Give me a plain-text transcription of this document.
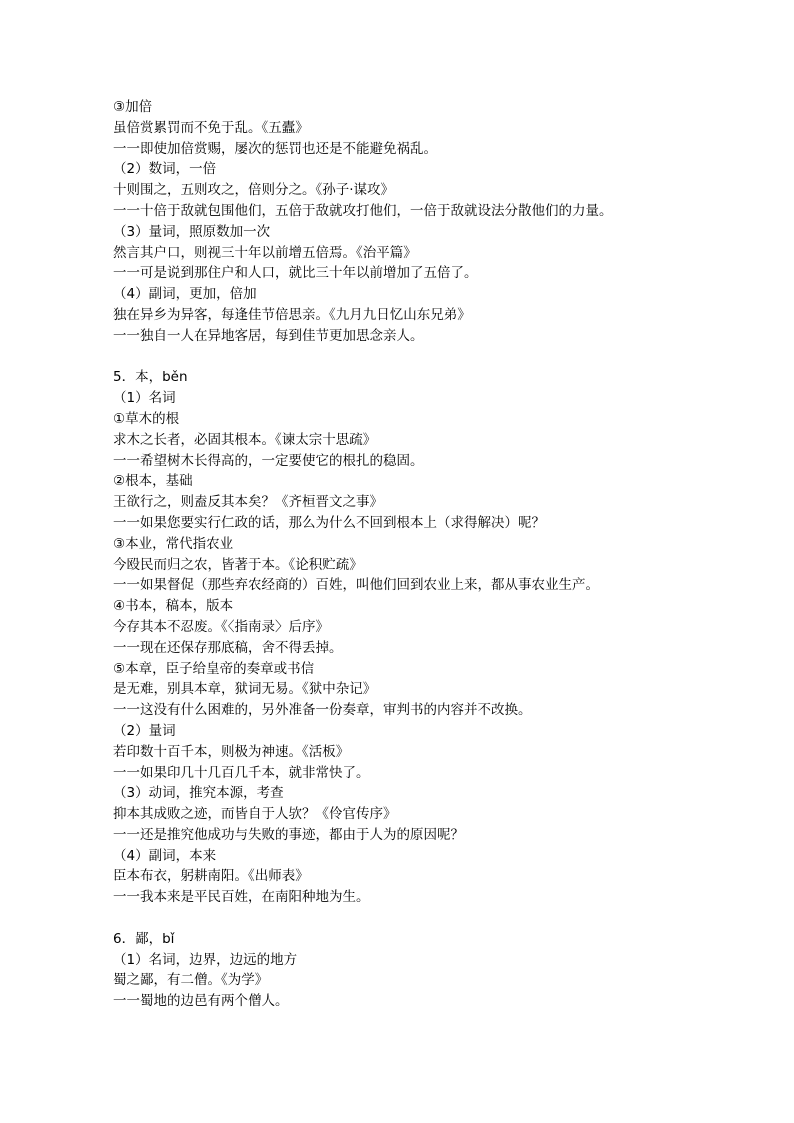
③加倍
虽倍赏累罚而不免于乱。《五蠹》
一一即使加倍赏赐，屡次的惩罚也还是不能避免祸乱。
（2）数词，一倍
十则围之，五则攻之，倍则分之。《孙子·谋攻》
一一十倍于敌就包围他们，五倍于敌就攻打他们，一倍于敌就设法分散他们的力量。
（3）量词，照原数加一次
然言其户口，则视三十年以前增五倍焉。《治平篇》
一一可是说到那住户和人口，就比三十年以前增加了五倍了。
（4）副词，更加，倍加
独在异乡为异客，每逢佳节倍思亲。《九月九日忆山东兄弟》
一一独自一人在异地客居，每到佳节更加思念亲人。
5．本，běn
（1）名词
①草木的根
求木之长者，必固其根本。《谏太宗十思疏》
一一希望树木长得高的，一定要使它的根扎的稳固。
②根本，基础
王欲行之，则盍反其本矣？《齐桓晋文之事》
一一如果您要实行仁政的话，那么为什么不回到根本上（求得解决）呢？
③本业，常代指农业
今殴民而归之农，皆著于本。《论积贮疏》
一一如果督促（那些弃农经商的）百姓，叫他们回到农业上来，都从事农业生产。
④书本，稿本，版本
今存其本不忍废。《〈指南录〉后序》
一一现在还保存那底稿，舍不得丢掉。
⑤本章，臣子给皇帝的奏章或书信
是无难，别具本章，狱词无易。《狱中杂记》
一一这没有什么困难的，另外准备一份奏章，审判书的内容并不改换。
（2）量词
若印数十百千本，则极为神速。《活板》
一一如果印几十几百几千本，就非常快了。
（3）动词，推究本源，考查
抑本其成败之迹，而皆自于人欤？《伶官传序》
一一还是推究他成功与失败的事迹，都由于人为的原因呢？
（4）副词，本来
臣本布衣，躬耕南阳。《出师表》
一一我本来是平民百姓，在南阳种地为生。
6．鄙，bǐ
（1）名词，边界，边远的地方
蜀之鄙，有二僧。《为学》
一一蜀地的边邑有两个僧人。
